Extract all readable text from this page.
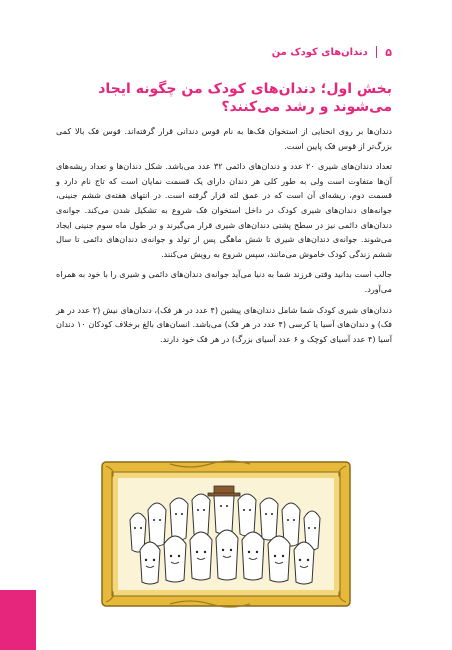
دندان‌های کودک من ۵
بخش اول؛ دندان‌های کودک من چگونه ایجاد می‌شوند و رشد می‌کنند؟

دندان‌ها بر روی انحنایی از استخوان فک‌ها به نام قوس دندانی قرار گرفته‌اند. قوس فک بالا کمی بزرگ‌تر از قوس فک پایین است.

تعداد دندان‌های شیری ۲۰ عدد و دندان‌های دائمی ۳۲ عدد می‌باشد. شکل دندان‌ها و تعداد ریشه‌های آن‌ها متفاوت است ولی به طور کلی هر دندان دارای یک قسمت نمایان است که تاج نام دارد و قسمت دوم، ریشه‌ای آن است که در عمق لثه قرار گرفته است. در انتهای هفته‌ی ششم جنینی، جوانه‌های دندان‌های شیری کودک در داخل استخوان فک شروع به تشکیل شدن می‌کند. جوانه‌ی دندان‌های دائمی نیز در سطح پشتی دندان‌های شیری قرار می‌گیرند و در طول ماه سوم جنینی ایجاد می‌شوند. جوانه‌ی دندان‌های شیری تا شش ماهگی پس از تولد و جوانه‌ی دندان‌های دائمی تا سال ششم زندگی کودک خاموش می‌مانند، سپس شروع به رویش می‌کنند.

جالب است بدانید وقتی فرزند شما به دنیا می‌آید جوانه‌ی دندان‌های دائمی و شیری را با خود به همراه می‌آورد.

دندان‌های شیری کودک شما شامل دندان‌های پیشین (۴ عدد در هر فک)، دندان‌های نیش (۲ عدد در هر فک) و دندان‌های آسیا یا کرسی (۴ عدد در هر فک) می‌باشد. انسان‌های بالغ برخلاف کودکان ۱۰ دندان آسیا (۴ عدد آسیای کوچک و ۶ عدد آسیای بزرگ) در هر فک خود دارند.
